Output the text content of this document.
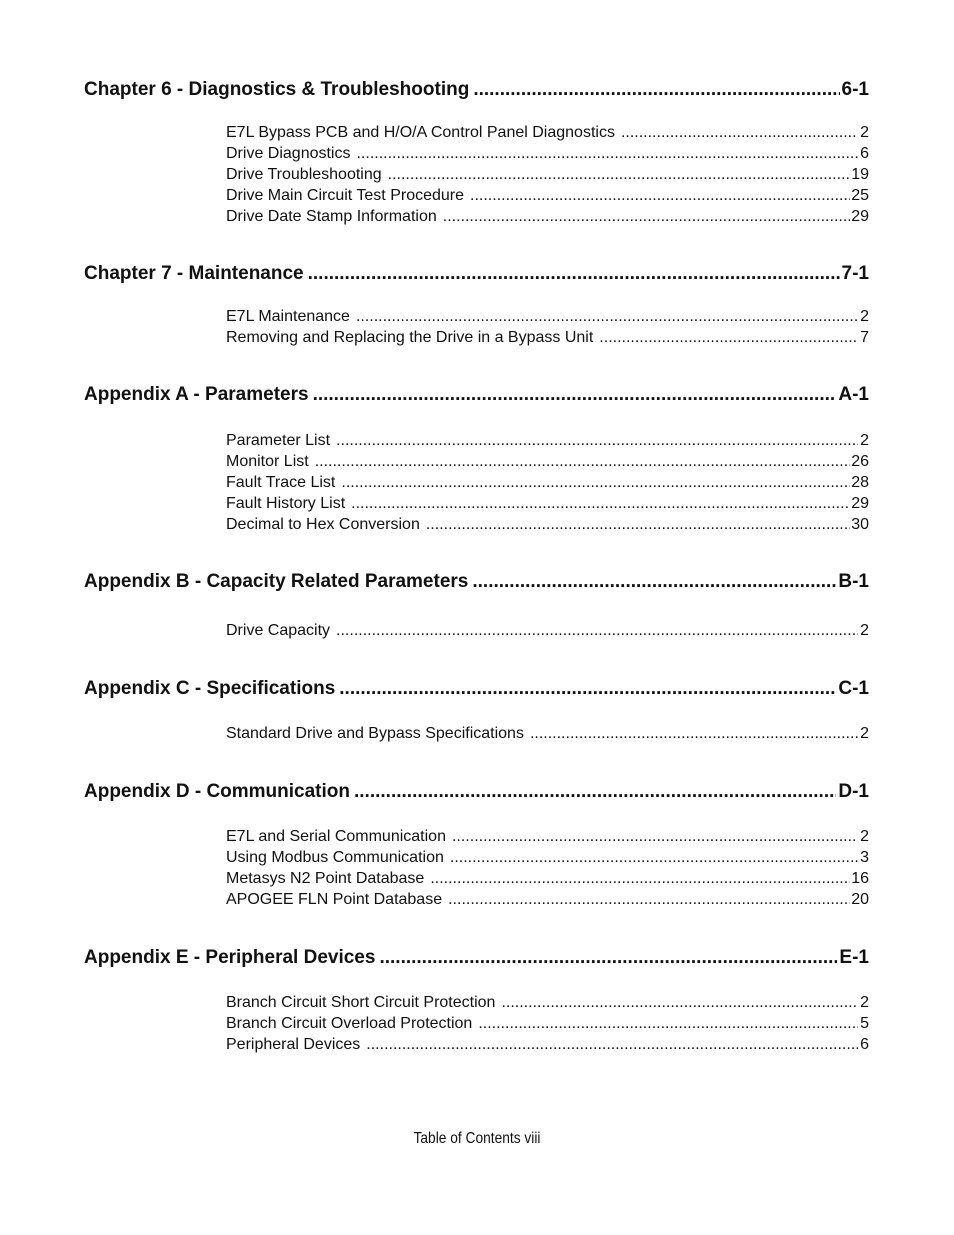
Chapter 6 - Diagnostics & Troubleshooting .....	6-1
E7L Bypass PCB and H/O/A Control Panel Diagnostics .....	2
Drive Diagnostics .....	6
Drive Troubleshooting .....	19
Drive Main Circuit Test Procedure .....	25
Drive Date Stamp Information .....	29
Chapter 7 - Maintenance .....	7-1
E7L Maintenance .....	2
Removing and Replacing the Drive in a Bypass Unit .....	7
Appendix A - Parameters .....	A-1
Parameter List .....	2
Monitor List .....	26
Fault Trace List .....	28
Fault History List .....	29
Decimal to Hex Conversion .....	30
Appendix B - Capacity Related Parameters .....	B-1
Drive Capacity .....	2
Appendix C - Specifications .....	C-1
Standard Drive and Bypass Specifications .....	2
Appendix D - Communication .....	D-1
E7L and Serial Communication .....	2
Using Modbus Communication .....	3
Metasys N2 Point Database .....	16
APOGEE FLN Point Database .....	20
Appendix E - Peripheral Devices .....	E-1
Branch Circuit Short Circuit Protection .....	2
Branch Circuit Overload Protection .....	5
Peripheral Devices .....	6
Table of Contents viii
